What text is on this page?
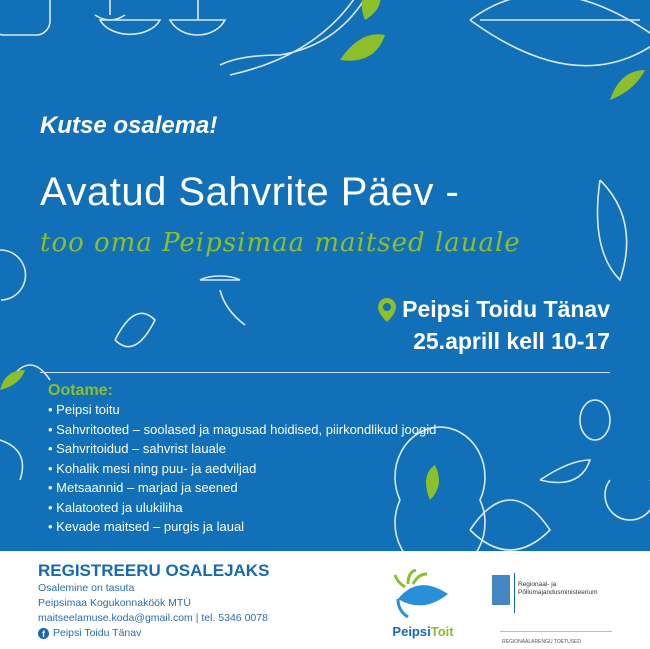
Kutse osalema!
Avatud Sahvrite Päev -
too oma Peipsimaa maitsed lauale
Peipsi Toidu Tänav
25.aprill kell 10-17
Ootame:
• Peipsi toitu
• Sahvritooted – soolased ja magusad hoidised, piirkondlikud joogid
• Sahvritoidud – sahvrist lauale
• Kohalik mesi ning puu- ja aedviljad
• Metsaannid – marjad ja seened
• Kalatooted ja ulukiliha
• Kevade maitsed – purgis ja laual
REGISTREERU OSALEJAKS
Osalemine on tasuta
Peipsimaa Kogukonnaköök MTÜ
maitseelamuse.koda@gmail.com | tel. 5346 0078
f Peipsi Toidu Tänav	PeipsiToit
Regionaal- ja Põllumajandusministeerium
REGIONAALARENGU TOETUSED
